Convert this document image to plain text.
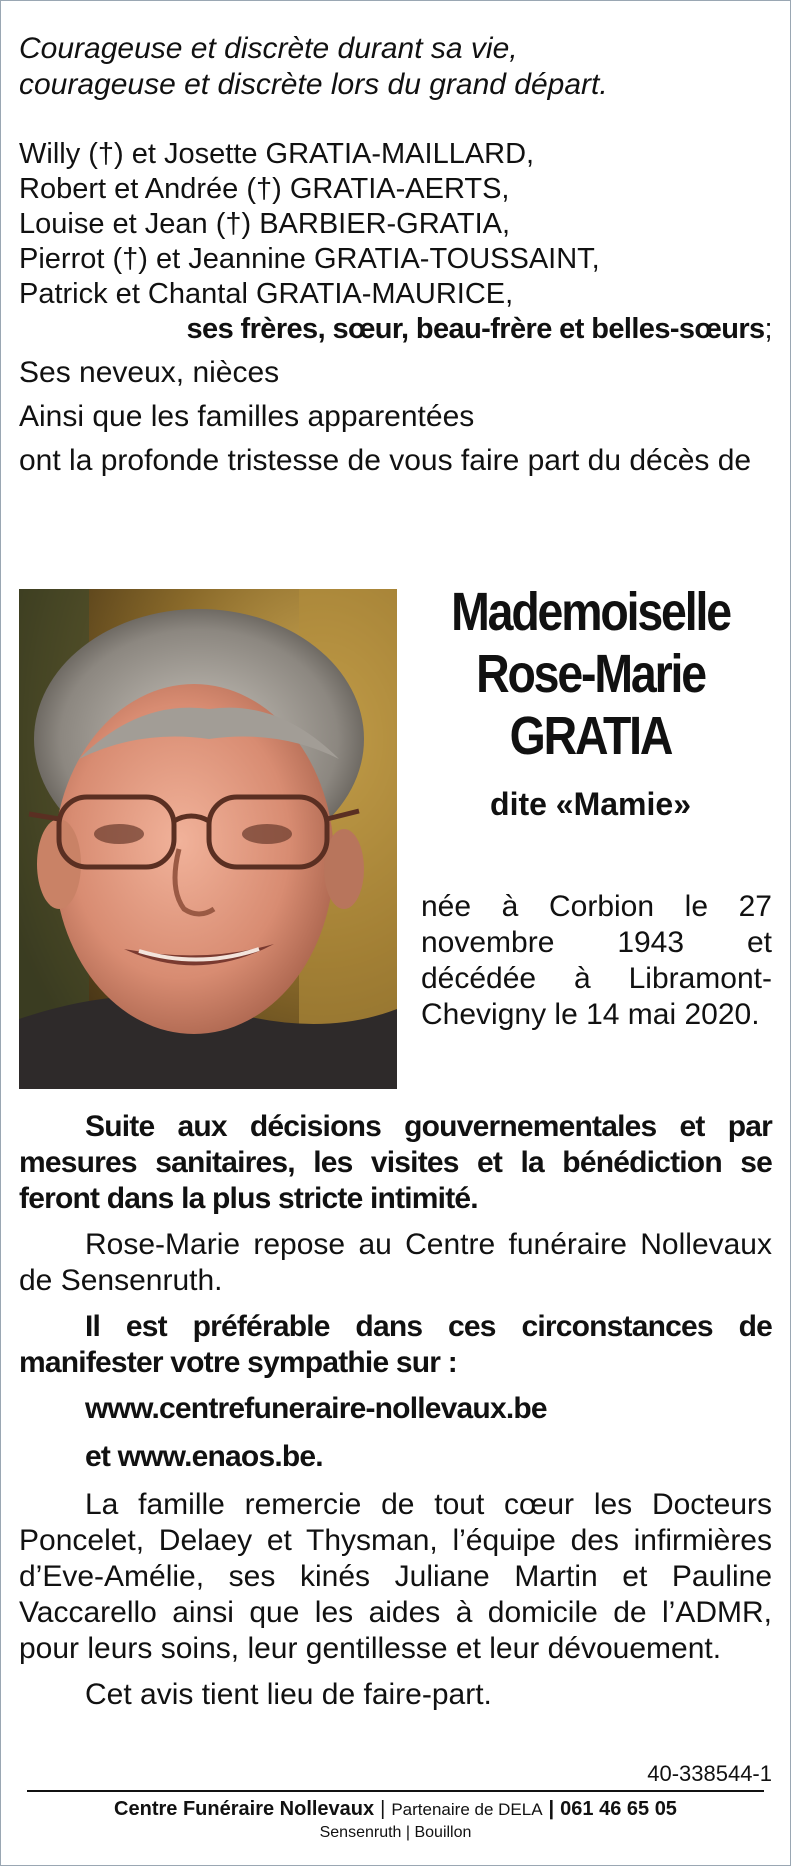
Courageuse et discrète durant sa vie,
courageuse et discrète lors du grand départ.
Willy (†) et Josette GRATIA-MAILLARD,
Robert et Andrée (†) GRATIA-AERTS,
Louise et Jean (†) BARBIER-GRATIA,
Pierrot (†) et Jeannine GRATIA-TOUSSAINT,
Patrick et Chantal GRATIA-MAURICE,
ses frères, sœur, beau-frère et belles-sœurs;
Ses neveux, nièces
Ainsi que les familles apparentées
ont la profonde tristesse de vous faire part du décès de
Mademoiselle
Rose-Marie
GRATIA
dite «Mamie»
née à Corbion le 27 novembre 1943 et décédée à Libramont-Chevigny le 14 mai 2020.
Suite aux décisions gouvernementales et par mesures sanitaires, les visites et la bénédiction se feront dans la plus stricte intimité.
Rose-Marie repose au Centre funéraire Nollevaux de Sensenruth.
Il est préférable dans ces circonstances de manifester votre sympathie sur :
www.centrefuneraire-nollevaux.be
et www.enaos.be.
La famille remercie de tout cœur les Docteurs Poncelet, Delaey et Thysman, l’équipe des infirmières d’Eve-Amélie, ses kinés Juliane Martin et Pauline Vaccarello ainsi que les aides à domicile de l’ADMR, pour leurs soins, leur gentillesse et leur dévouement.
Cet avis tient lieu de faire-part.
40-338544-1
Centre Funéraire Nollevaux | Partenaire de DELA | 061 46 65 05
Sensenruth | Bouillon
